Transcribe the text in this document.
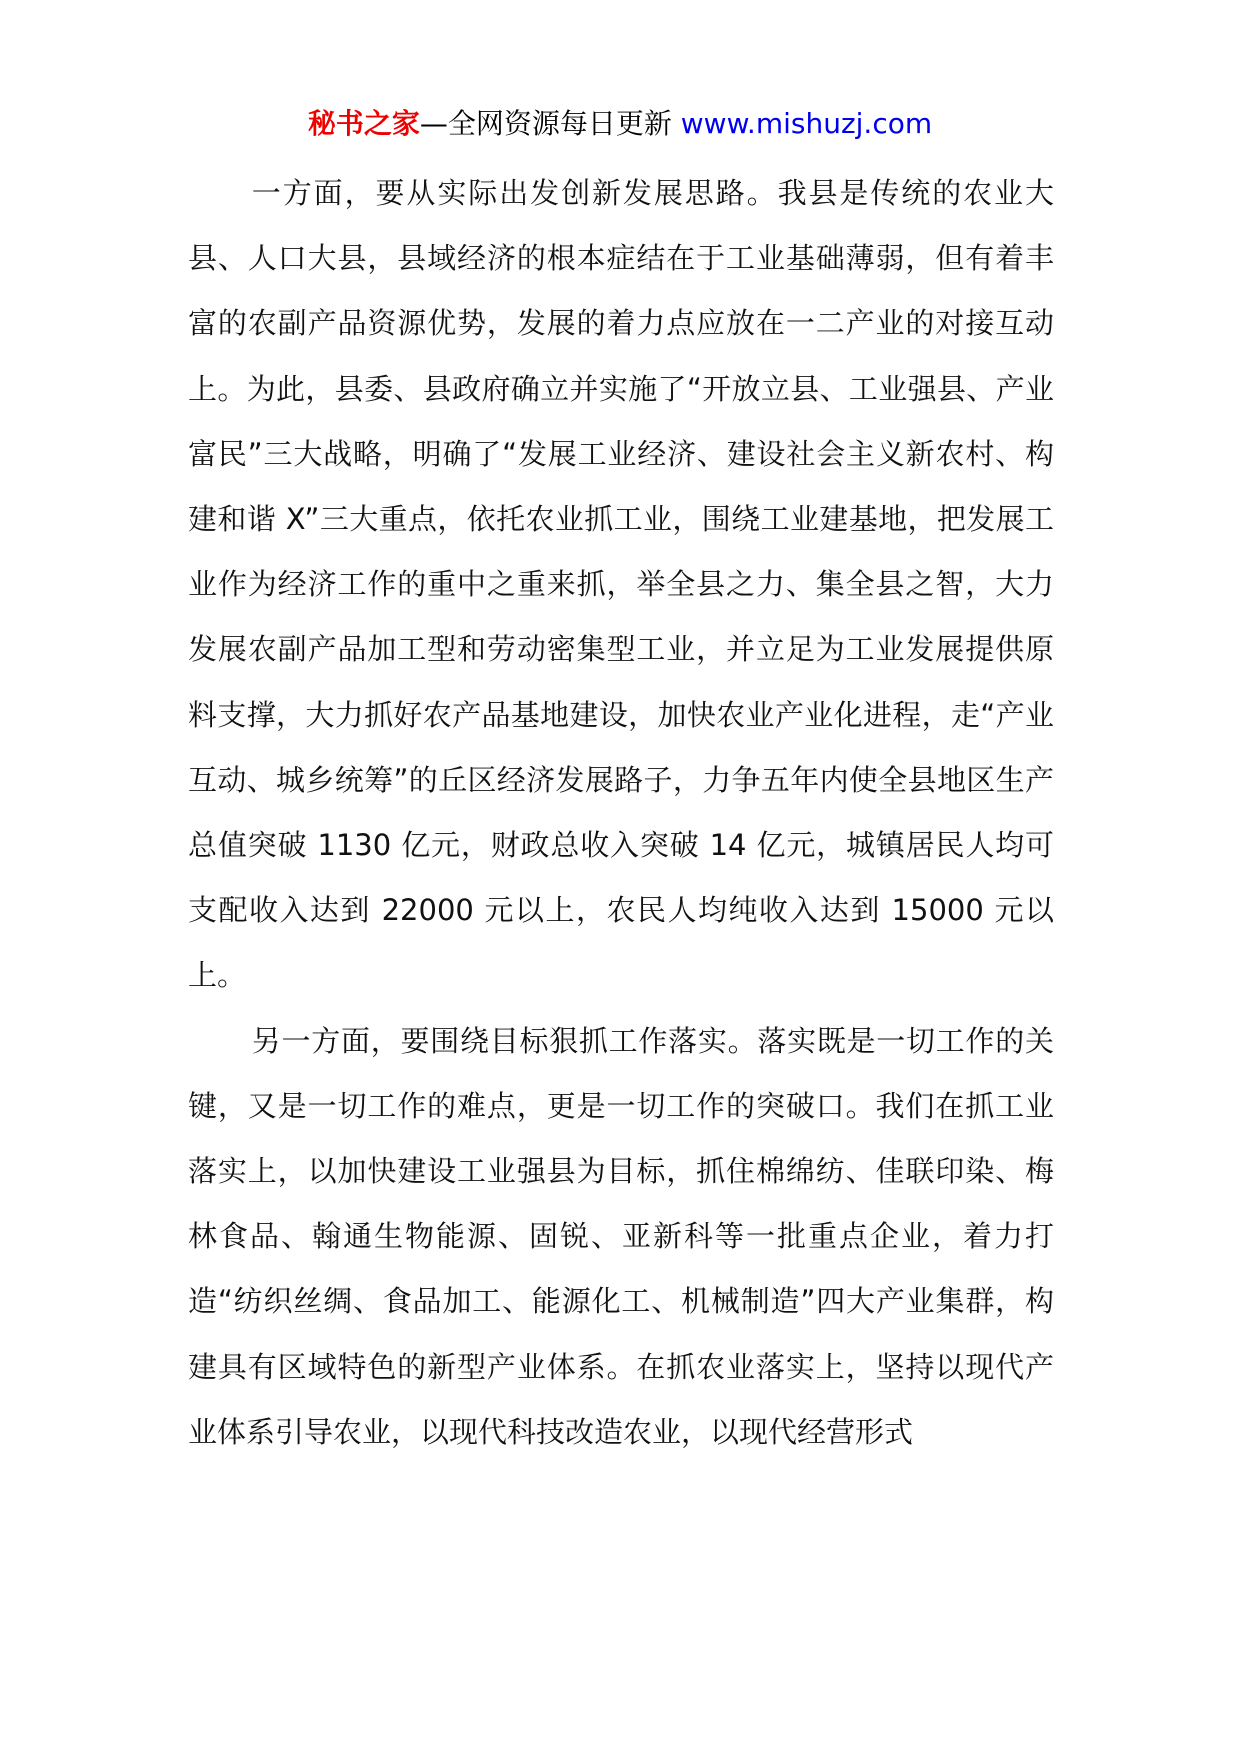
秘书之家—全网资源每日更新 www.mishuzj.com

一方面，要从实际出发创新发展思路。我县是传统的农业大县、人口大县，县域经济的根本症结在于工业基础薄弱，但有着丰富的农副产品资源优势，发展的着力点应放在一二产业的对接互动上。为此，县委、县政府确立并实施了“开放立县、工业强县、产业富民”三大战略，明确了“发展工业经济、建设社会主义新农村、构建和谐 X”三大重点，依托农业抓工业，围绕工业建基地，把发展工业作为经济工作的重中之重来抓，举全县之力、集全县之智，大力发展农副产品加工型和劳动密集型工业，并立足为工业发展提供原料支撑，大力抓好农产品基地建设，加快农业产业化进程，走“产业互动、城乡统筹”的丘区经济发展路子，力争五年内使全县地区生产总值突破 1130 亿元，财政总收入突破 14 亿元，城镇居民人均可支配收入达到 22000 元以上，农民人均纯收入达到 15000 元以上。

另一方面，要围绕目标狠抓工作落实。落实既是一切工作的关键，又是一切工作的难点，更是一切工作的突破口。我们在抓工业落实上，以加快建设工业强县为目标，抓住棉绵纺、佳联印染、梅林食品、翰通生物能源、固锐、亚新科等一批重点企业，着力打造“纺织丝绸、食品加工、能源化工、机械制造”四大产业集群，构建具有区域特色的新型产业体系。在抓农业落实上，坚持以现代产业体系引导农业，以现代科技改造农业，以现代经营形式
